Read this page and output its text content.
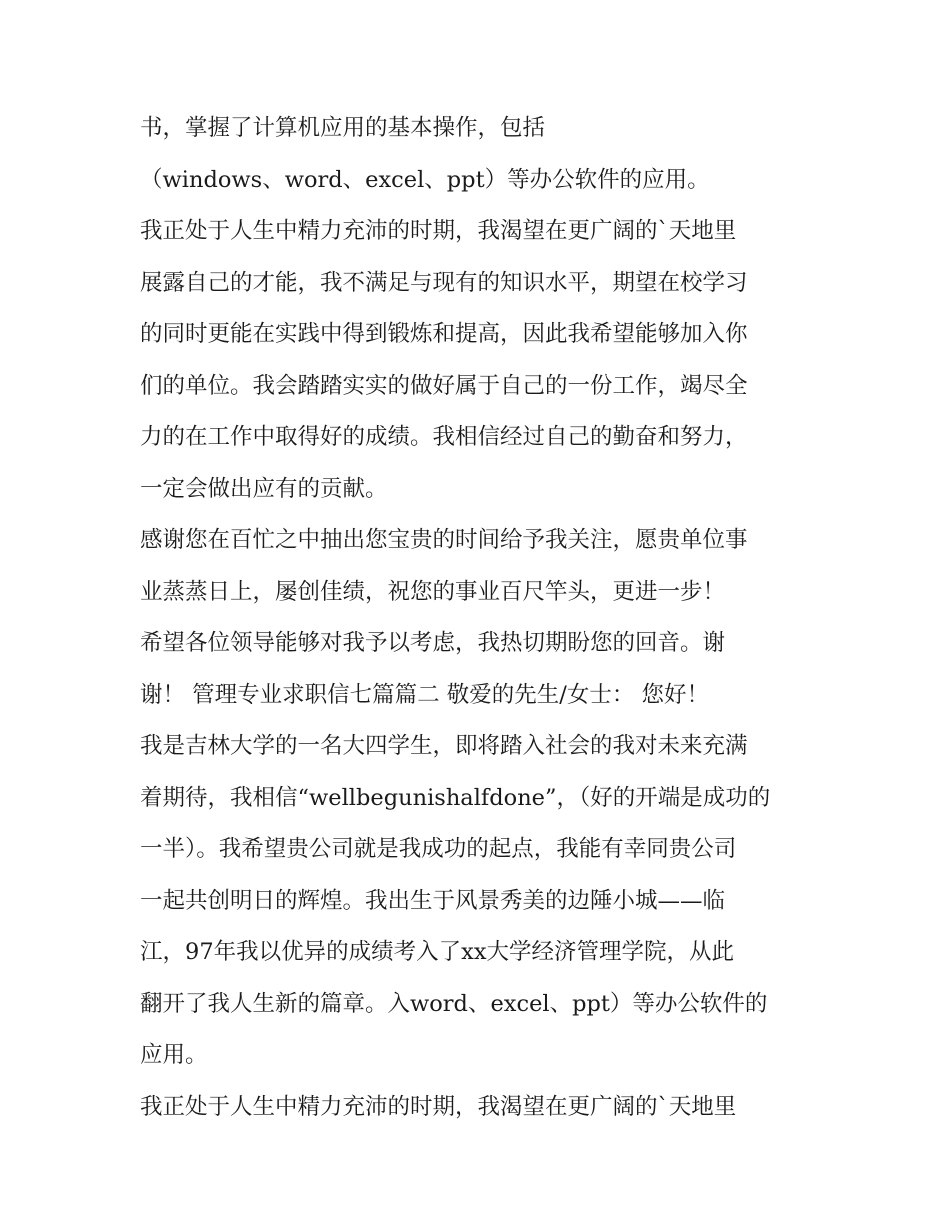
书，掌握了计算机应用的基本操作，包括
（windows、word、excel、ppt）等办公软件的应用。
我正处于人生中精力充沛的时期，我渴望在更广阔的`天地里
展露自己的才能，我不满足与现有的知识水平，期望在校学习
的同时更能在实践中得到锻炼和提高，因此我希望能够加入你
们的单位。我会踏踏实实的做好属于自己的一份工作，竭尽全
力的在工作中取得好的成绩。我相信经过自己的勤奋和努力，
一定会做出应有的贡献。
感谢您在百忙之中抽出您宝贵的时间给予我关注，愿贵单位事
业蒸蒸日上，屡创佳绩，祝您的事业百尺竿头，更进一步！
希望各位领导能够对我予以考虑，我热切期盼您的回音。谢
谢！ 管理专业求职信七篇篇二 敬爱的先生/女士： 您好！
我是吉林大学的一名大四学生，即将踏入社会的我对未来充满
着期待，我相信“wellbegunishalfdone”，（好的开端是成功的
一半）。我希望贵公司就是我成功的起点，我能有幸同贵公司
一起共创明日的辉煌。我出生于风景秀美的边陲小城——临
江，97年我以优异的成绩考入了xx大学经济管理学院，从此
翻开了我人生新的篇章。入word、excel、ppt）等办公软件的
应用。
我正处于人生中精力充沛的时期，我渴望在更广阔的`天地里
